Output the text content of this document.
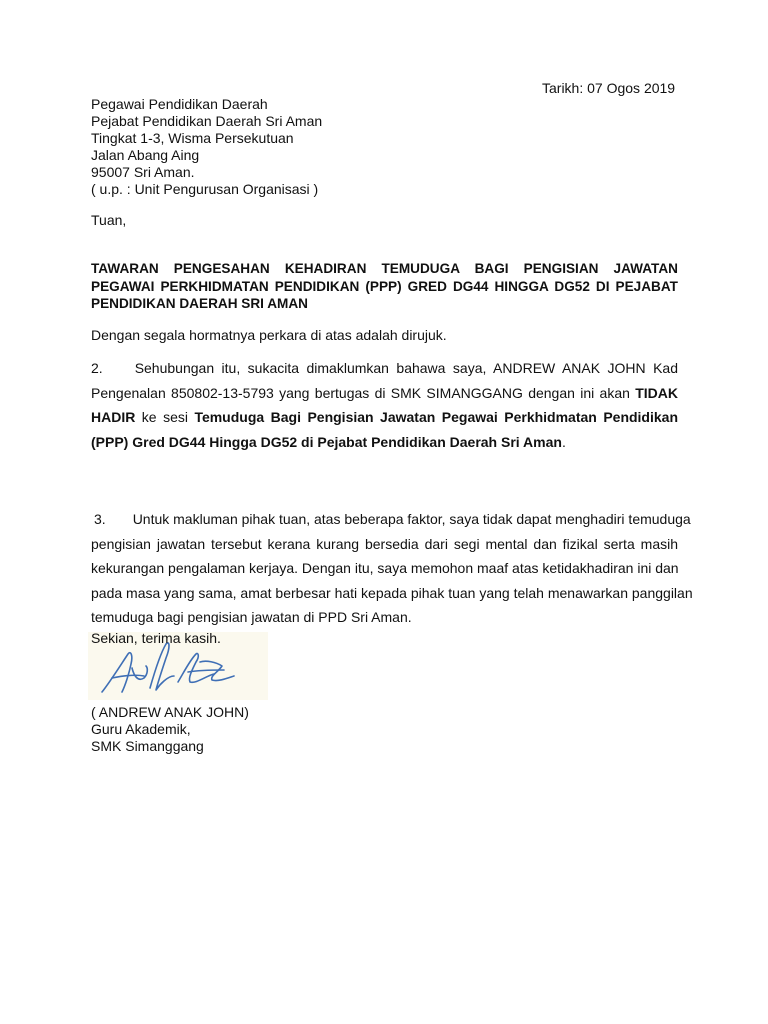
Tarikh: 07 Ogos 2019
Pegawai Pendidikan Daerah
Pejabat Pendidikan Daerah Sri Aman
Tingkat 1-3, Wisma Persekutuan
Jalan Abang Aing
95007 Sri Aman.
( u.p. : Unit Pengurusan Organisasi )
Tuan,
TAWARAN PENGESAHAN KEHADIRAN TEMUDUGA BAGI PENGISIAN JAWATAN
PEGAWAI PERKHIDMATAN PENDIDIKAN (PPP) GRED DG44 HINGGA DG52 DI PEJABAT
PENDIDIKAN DAERAH SRI AMAN
Dengan segala hormatnya perkara di atas adalah dirujuk.
2. Sehubungan itu, sukacita dimaklumkan bahawa saya, ANDREW ANAK JOHN Kad
Pengenalan 850802-13-5793 yang bertugas di SMK SIMANGGANG dengan ini akan TIDAK
HADIR ke sesi Temuduga Bagi Pengisian Jawatan Pegawai Perkhidmatan Pendidikan
(PPP) Gred DG44 Hingga DG52 di Pejabat Pendidikan Daerah Sri Aman.
3. Untuk makluman pihak tuan, atas beberapa faktor, saya tidak dapat menghadiri temuduga
pengisian jawatan tersebut kerana kurang bersedia dari segi mental dan fizikal serta masih
kekurangan pengalaman kerjaya. Dengan itu, saya memohon maaf atas ketidakhadiran ini dan
pada masa yang sama, amat berbesar hati kepada pihak tuan yang telah menawarkan panggilan
temuduga bagi pengisian jawatan di PPD Sri Aman.
Sekian, terima kasih.
( ANDREW ANAK JOHN)
Guru Akademik,
SMK Simanggang
